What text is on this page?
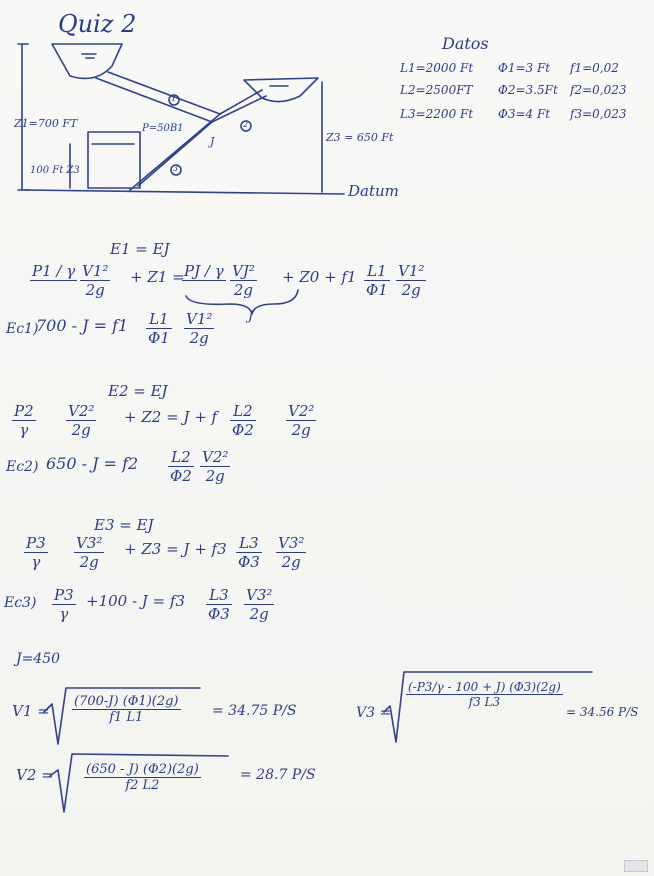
Quiz 2
Z1=700 FT
100 Ft Z3
Z3 = 650 Ft
P=50B1
J
1
2
3
Datum
Datos
L1=2000 Ft Φ1=3 Ft f1=0,02
L2=2500FT Φ2=3.5Ft f2=0,023
L3=2200 Ft Φ3=4 Ft f3=0,023
E1 = EJ
P1 / γ $\frac{\text{V1²}}{2g} + Z1$ = PJ / γ $\frac{\text{VJ²}}{2g} + Z0 + f1 \frac{L1}{\Phi 1} \frac{\text{V1²}}{2g}$
J
Ec1)
$700 - J = f1 \frac{L1}{\Phi 1} \frac{\text{V1²}}{2g}$
E2 = EJ
$\frac{P2}{\gamma} \frac{\text{V2²}}{2g} + Z2 = J + f \frac{L2}{\Phi 2} \frac{\text{V2²}}{2g}$
Ec2) $650 - J = f2 \frac{L2}{\Phi 2} \frac{\text{V2²}}{2g}$
E3 = EJ
$\frac{P3}{\gamma} \frac{\text{V3²}}{2g} + Z3 = J + f3 \frac{L3}{\Phi 3} \frac{\text{V3²}}{2g}$
$Ec3) \frac{P3}{\gamma} +100 - J = f3 \frac{L3}{\Phi 3} \frac{\text{V3²}}{2g}$
J=450
$V1 = \frac{(700-J) (\Phi 1)(2g)}{f1 L1} = 34.75$ P/S
$V2 = \frac{(650 - J) (\Phi 2)(2g)}{f2 L2}$	= 28.7 P/S
V3 =
$\frac{(-P3/\gamma - 100 + J) (\Phi 3)(2g)}{f3 L3}$
= 34.56 P/S
